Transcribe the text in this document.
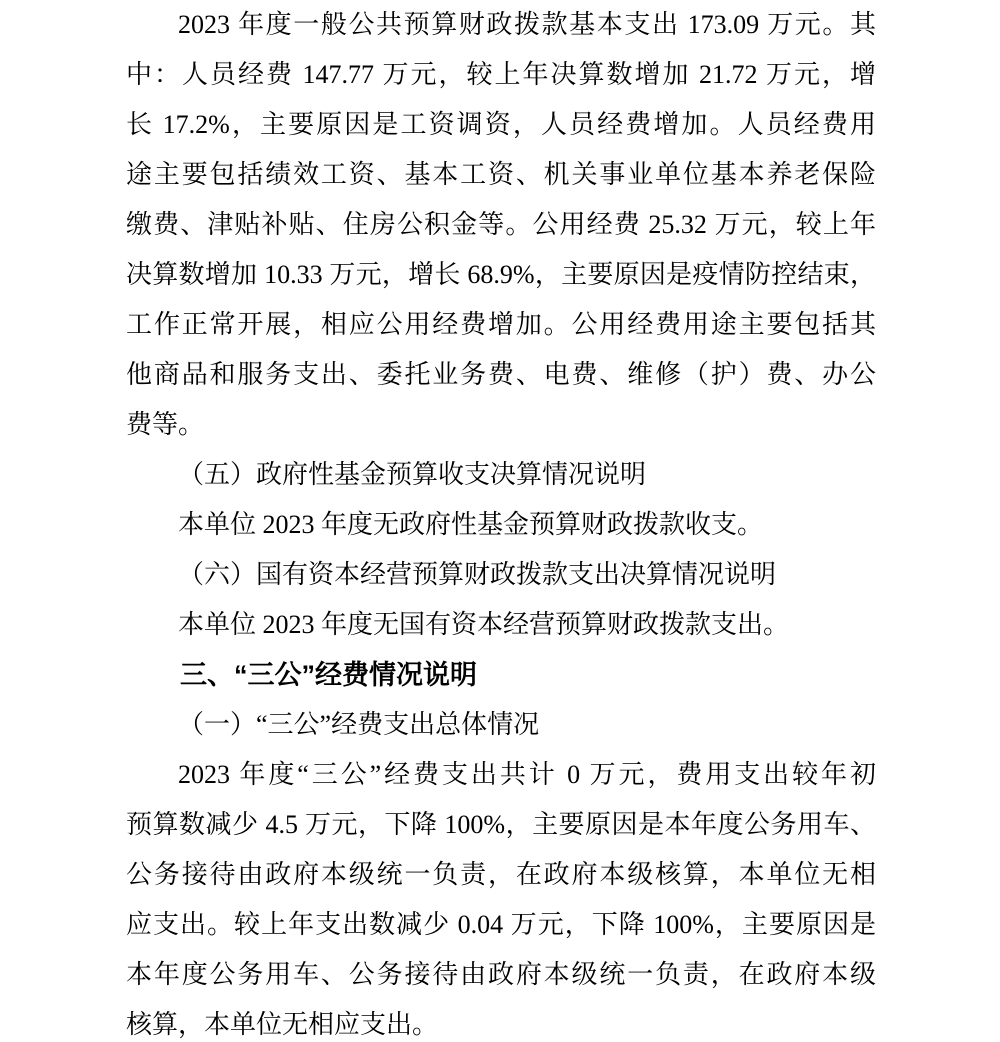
2023 年度一般公共预算财政拨款基本支出 173.09 万元。其
中：人员经费 147.77 万元，较上年决算数增加 21.72 万元，增
长 17.2%，主要原因是工资调资，人员经费增加。人员经费用
途主要包括绩效工资、基本工资、机关事业单位基本养老保险
缴费、津贴补贴、住房公积金等。公用经费 25.32 万元，较上年
决算数增加 10.33 万元，增长 68.9%，主要原因是疫情防控结束，
工作正常开展，相应公用经费增加。公用经费用途主要包括其
他商品和服务支出、委托业务费、电费、维修（护）费、办公
费等。
（五）政府性基金预算收支决算情况说明
本单位 2023 年度无政府性基金预算财政拨款收支。
（六）国有资本经营预算财政拨款支出决算情况说明
本单位 2023 年度无国有资本经营预算财政拨款支出。
三、“三公”经费情况说明
（一）“三公”经费支出总体情况
2023 年度“三公”经费支出共计 0 万元，费用支出较年初
预算数减少 4.5 万元，下降 100%，主要原因是本年度公务用车、
公务接待由政府本级统一负责，在政府本级核算，本单位无相
应支出。较上年支出数减少 0.04 万元，下降 100%，主要原因是
本年度公务用车、公务接待由政府本级统一负责，在政府本级
核算，本单位无相应支出。
